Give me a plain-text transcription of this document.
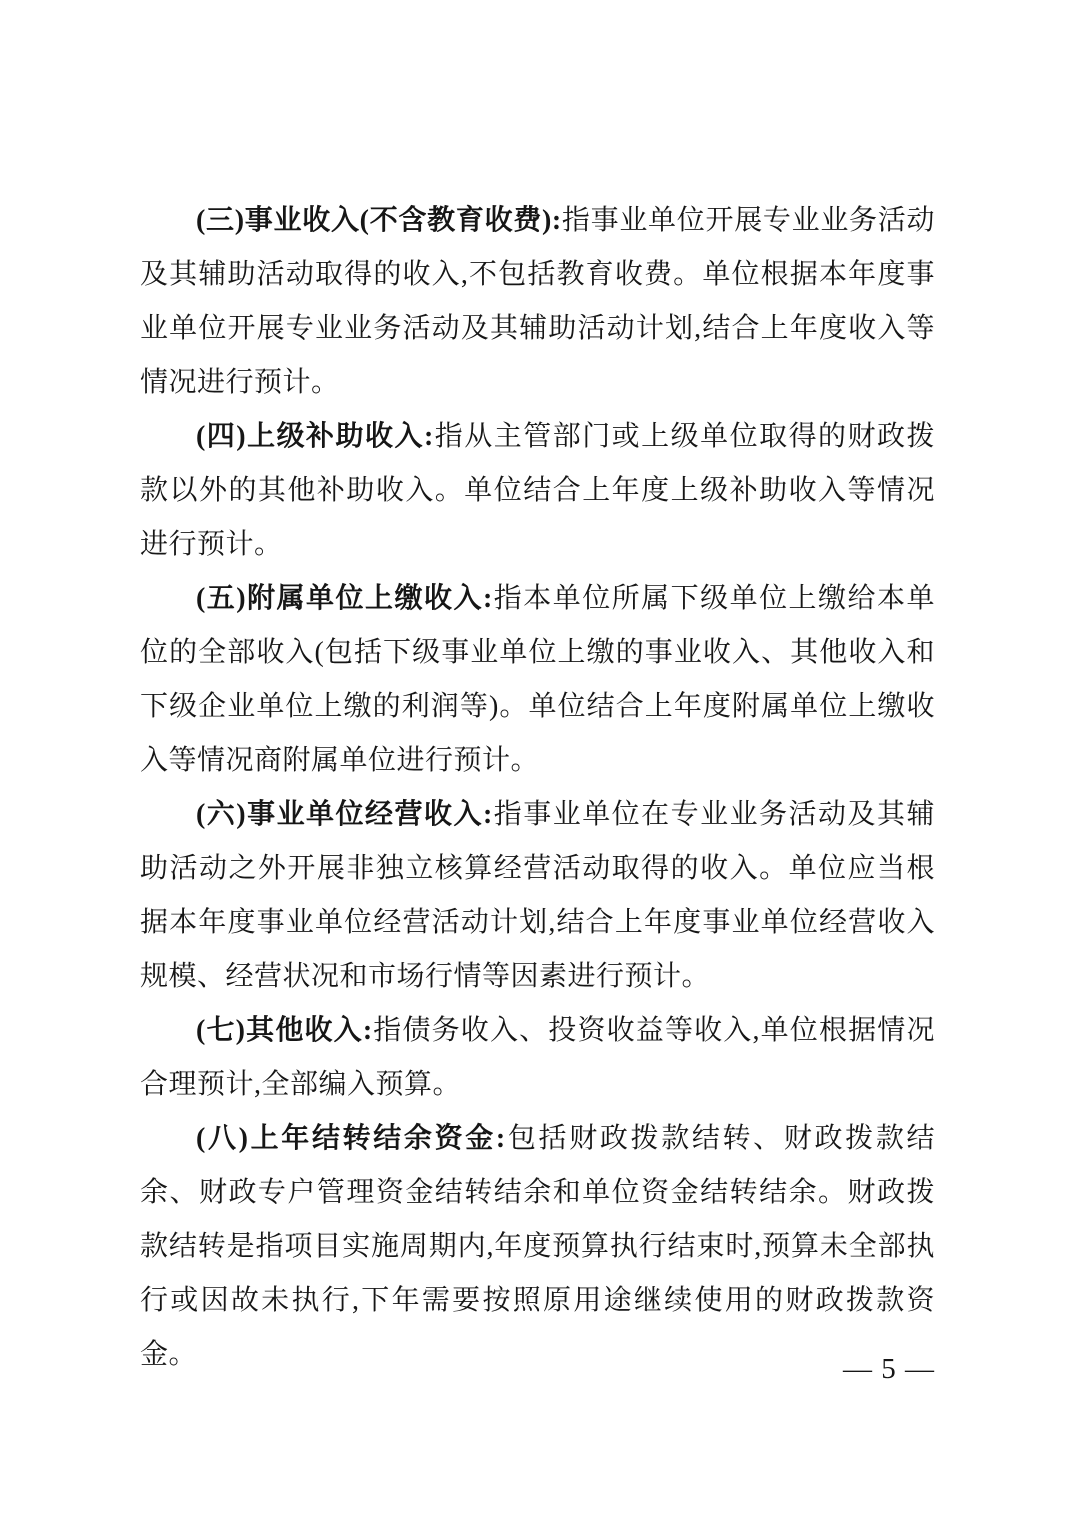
(三)事业收入(不含教育收费):指事业单位开展专业业务活动及其辅助活动取得的收入,不包括教育收费。单位根据本年度事业单位开展专业业务活动及其辅助活动计划,结合上年度收入等情况进行预计。

(四)上级补助收入:指从主管部门或上级单位取得的财政拨款以外的其他补助收入。单位结合上年度上级补助收入等情况进行预计。

(五)附属单位上缴收入:指本单位所属下级单位上缴给本单位的全部收入(包括下级事业单位上缴的事业收入、其他收入和下级企业单位上缴的利润等)。单位结合上年度附属单位上缴收入等情况商附属单位进行预计。

(六)事业单位经营收入:指事业单位在专业业务活动及其辅助活动之外开展非独立核算经营活动取得的收入。单位应当根据本年度事业单位经营活动计划,结合上年度事业单位经营收入规模、经营状况和市场行情等因素进行预计。

(七)其他收入:指债务收入、投资收益等收入,单位根据情况合理预计,全部编入预算。

(八)上年结转结余资金:包括财政拨款结转、财政拨款结余、财政专户管理资金结转结余和单位资金结转结余。财政拨款结转是指项目实施周期内,年度预算执行结束时,预算未全部执行或因故未执行,下年需要按照原用途继续使用的财政拨款资金。	— 5 —
